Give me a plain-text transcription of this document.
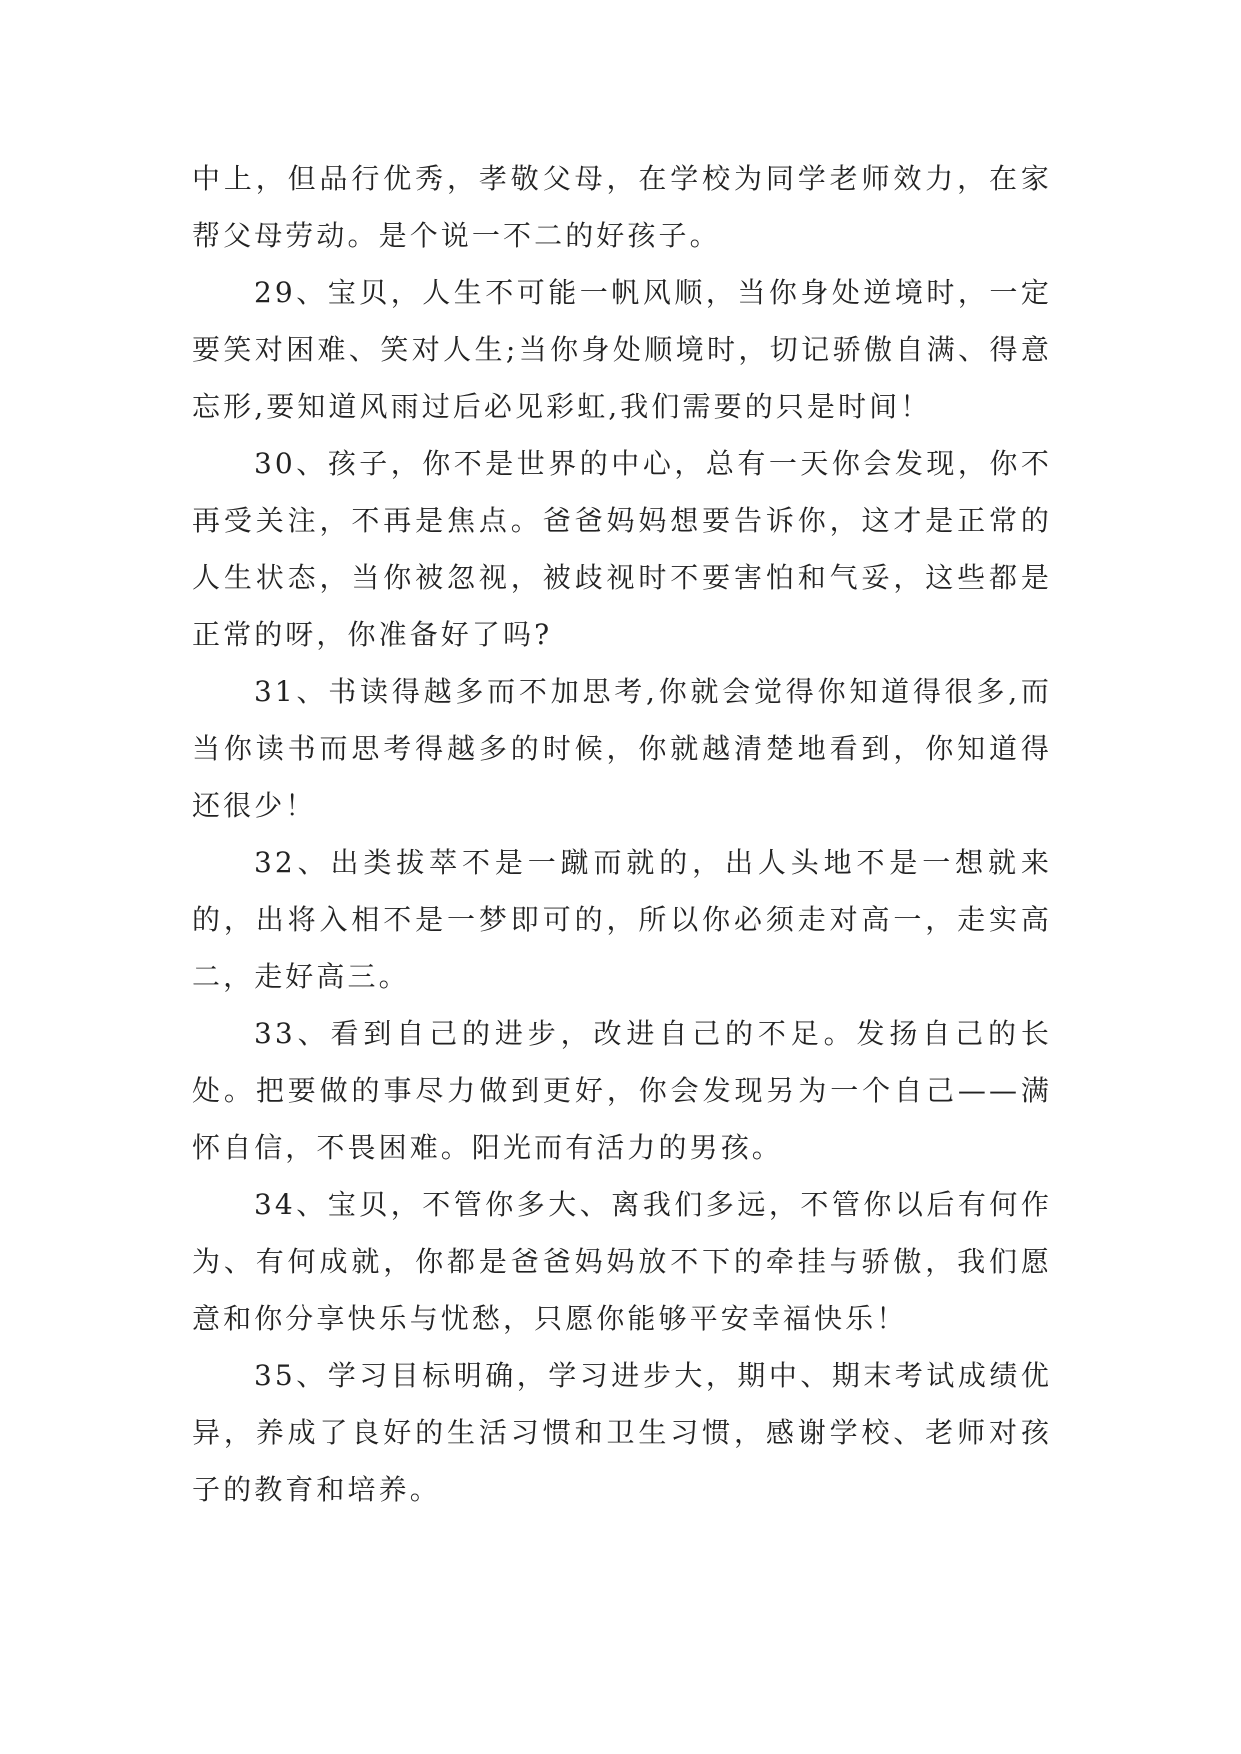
中上，但品行优秀，孝敬父母，在学校为同学老师效力，在家帮父母劳动。是个说一不二的好孩子。

29、宝贝，人生不可能一帆风顺，当你身处逆境时，一定要笑对困难、笑对人生;当你身处顺境时，切记骄傲自满、得意忘形,要知道风雨过后必见彩虹,我们需要的只是时间！

30、孩子，你不是世界的中心，总有一天你会发现，你不再受关注，不再是焦点。爸爸妈妈想要告诉你，这才是正常的人生状态，当你被忽视，被歧视时不要害怕和气妥，这些都是正常的呀，你准备好了吗?

31、书读得越多而不加思考,你就会觉得你知道得很多,而当你读书而思考得越多的时候，你就越清楚地看到，你知道得还很少！

32、出类拔萃不是一蹴而就的，出人头地不是一想就来的，出将入相不是一梦即可的，所以你必须走对高一，走实高二，走好高三。

33、看到自己的进步，改进自己的不足。发扬自己的长处。把要做的事尽力做到更好，你会发现另为一个自己——满怀自信，不畏困难。阳光而有活力的男孩。

34、宝贝，不管你多大、离我们多远，不管你以后有何作为、有何成就，你都是爸爸妈妈放不下的牵挂与骄傲，我们愿意和你分享快乐与忧愁，只愿你能够平安幸福快乐！

35、学习目标明确，学习进步大，期中、期末考试成绩优异，养成了良好的生活习惯和卫生习惯，感谢学校、老师对孩子的教育和培养。
